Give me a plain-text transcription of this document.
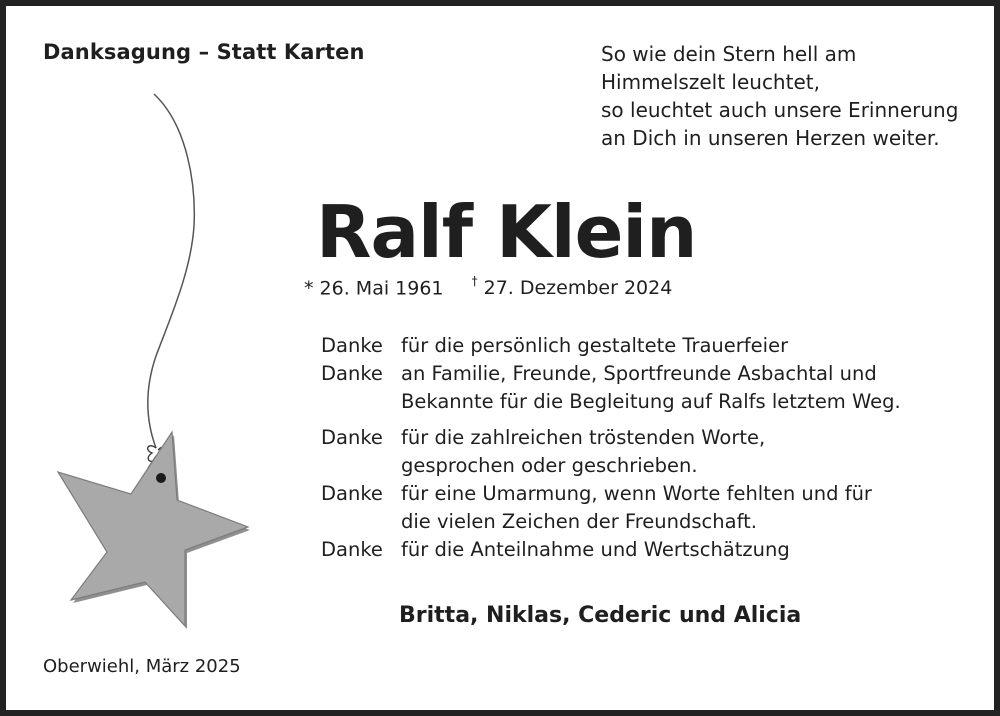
Danksagung – Statt Karten	So wie dein Stern hell am
Himmelszelt leuchtet,
so leuchtet auch unsere Erinnerung
an Dich in unseren Herzen weiter.
Ralf Klein
* 26. Mai 1961 † 27. Dezember 2024
Danke für die persönlich gestaltete Trauerfeier
Danke an Familie, Freunde, Sportfreunde Asbachtal und
Bekannte für die Begleitung auf Ralfs letztem Weg.
Danke für die zahlreichen tröstenden Worte,
gesprochen oder geschrieben.
Danke für eine Umarmung, wenn Worte fehlten und für
die vielen Zeichen der Freundschaft.
Danke für die Anteilnahme und Wertschätzung
Britta, Niklas, Cederic und Alicia
Oberwiehl, März 2025
